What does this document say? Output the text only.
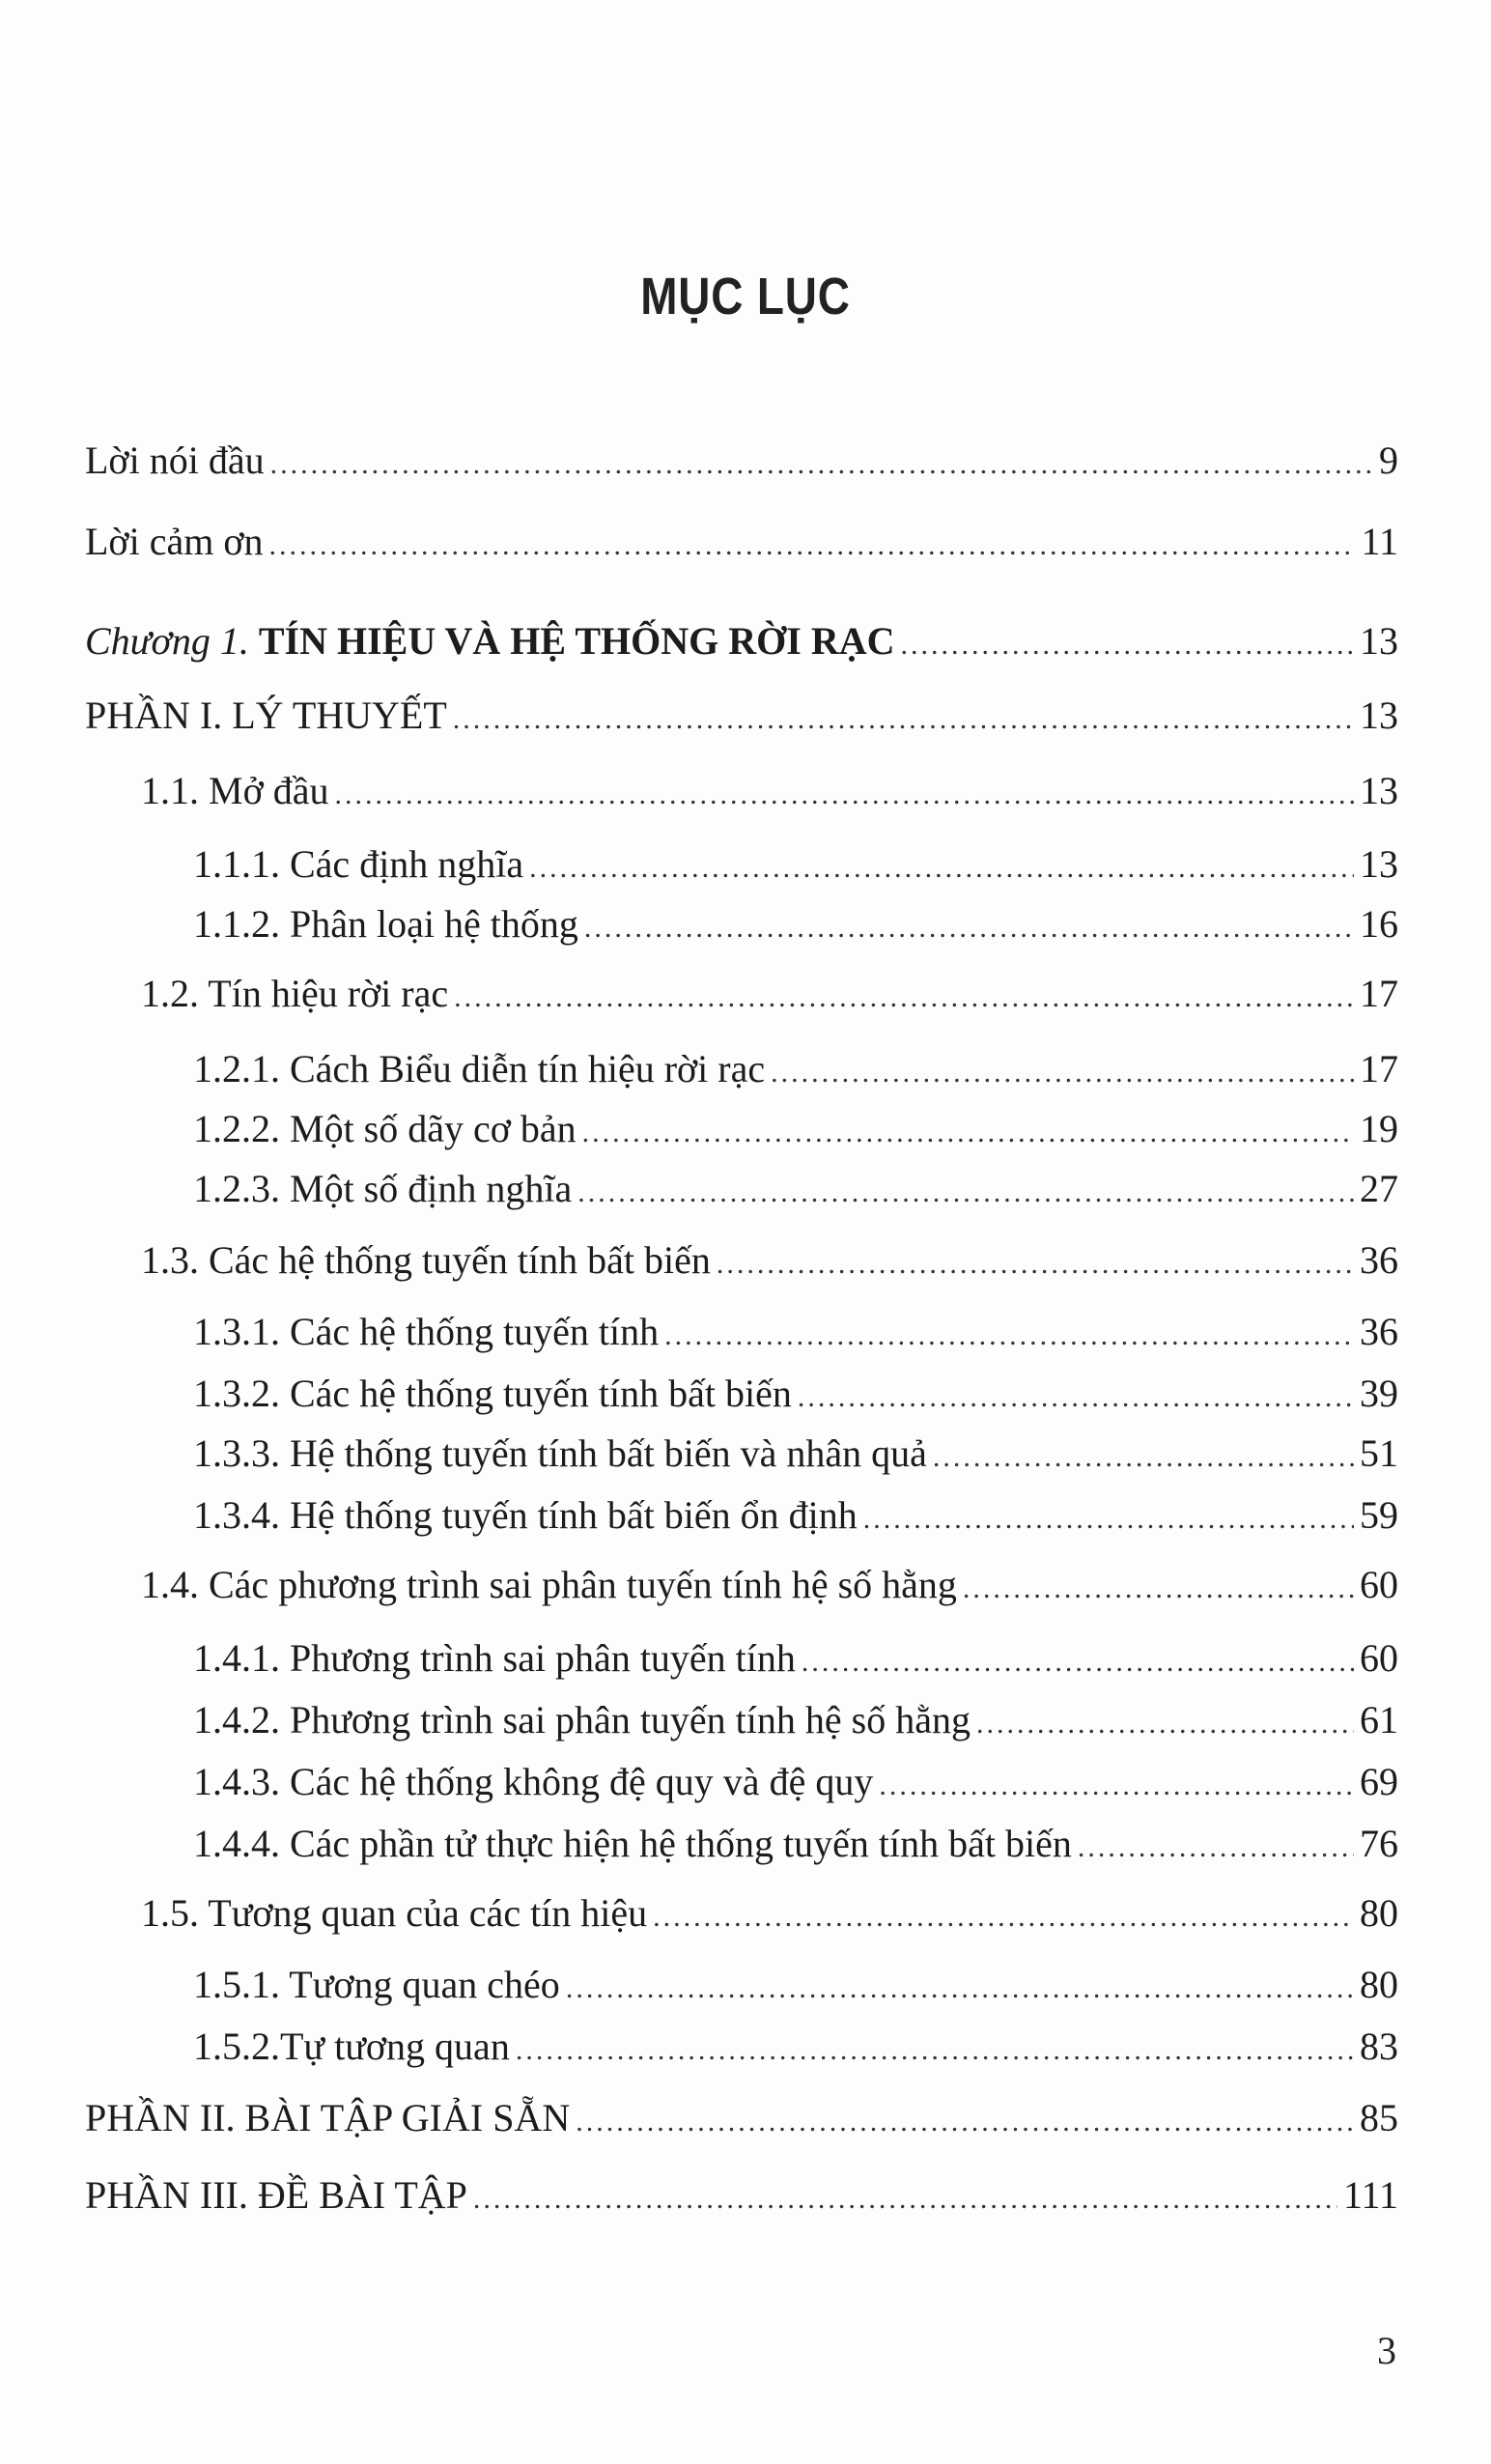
MỤC LỤC
Lời nói đầu .....	9
Lời cảm ơn .....	11
Chương 1. TÍN HIỆU VÀ HỆ THỐNG RỜI RẠC .....	13
PHẦN I. LÝ THUYẾT .....	13
1.1. Mở đầu .....	13
1.1.1. Các định nghĩa .....	13
1.1.2. Phân loại hệ thống .....	16
1.2. Tín hiệu rời rạc .....	17
1.2.1. Cách Biểu diễn tín hiệu rời rạc .....	17
1.2.2. Một số dãy cơ bản .....	19
1.2.3. Một số định nghĩa .....	27
1.3. Các hệ thống tuyến tính bất biến .....	36
1.3.1. Các hệ thống tuyến tính .....	36
1.3.2. Các hệ thống tuyến tính bất biến .....	39
1.3.3. Hệ thống tuyến tính bất biến và nhân quả .....	51
1.3.4. Hệ thống tuyến tính bất biến ổn định .....	59
1.4. Các phương trình sai phân tuyến tính hệ số hằng .....	60
1.4.1. Phương trình sai phân tuyến tính .....	60
1.4.2. Phương trình sai phân tuyến tính hệ số hằng .....	61
1.4.3. Các hệ thống không đệ quy và đệ quy .....	69
1.4.4. Các phần tử thực hiện hệ thống tuyến tính bất biến .....	76
1.5. Tương quan của các tín hiệu .....	80
1.5.1. Tương quan chéo .....	80
1.5.2.Tự tương quan .....	83
PHẦN II. BÀI TẬP GIẢI SẴN .....	85
PHẦN III. ĐỀ BÀI TẬP .....	111
3
